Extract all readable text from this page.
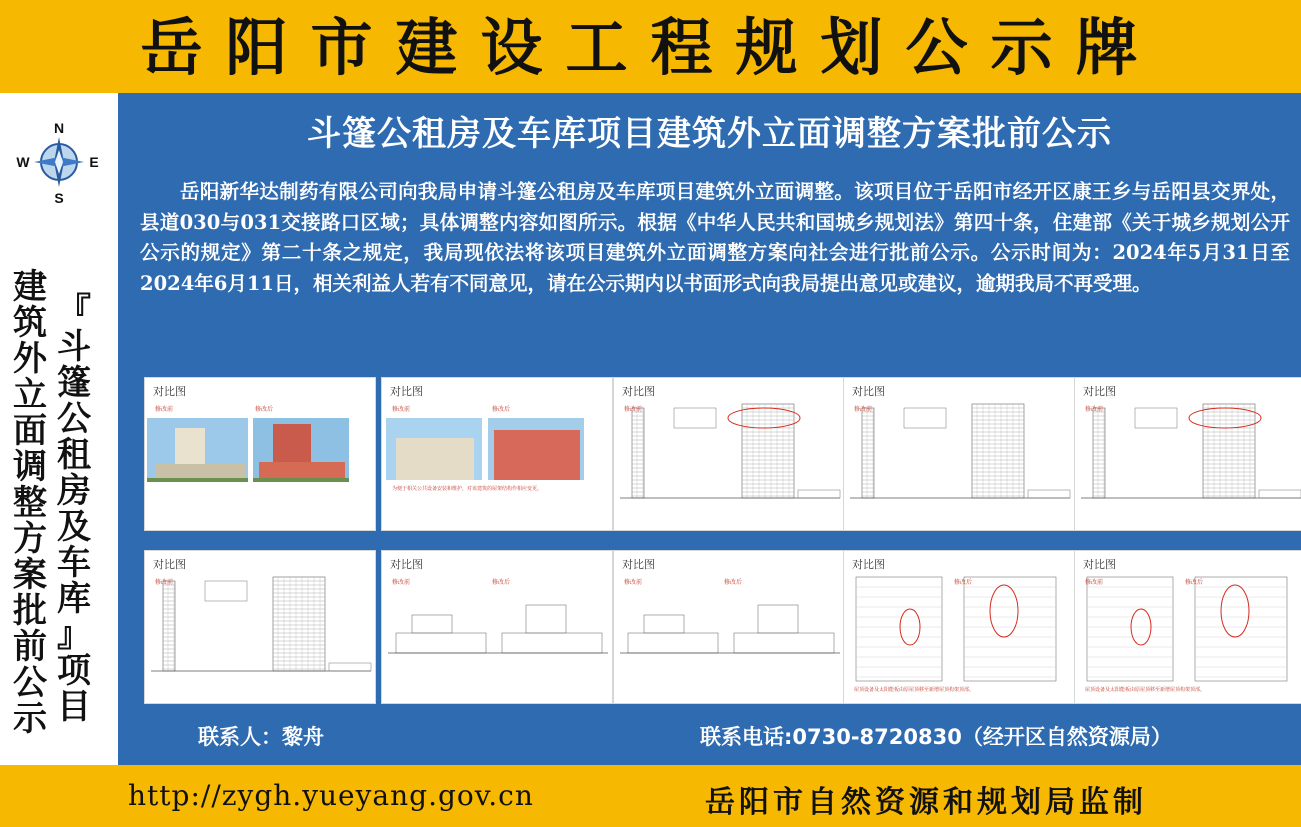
岳阳市建设工程规划公示牌
N
S
W	E
『
斗
篷
公
租
房
及
车
库
』
项
目
建
筑
外
立
面
调
整
方
案
批
前
公
示
斗篷公租房及车库项目建筑外立面调整方案批前公示
岳阳新华达制药有限公司向我局申请斗篷公租房及车库项目建筑外立面调整。该项目位于岳阳市经开区康王乡与岳阳县交界处，县道030与031交接路口区域；具体调整内容如图所示。根据《中华人民共和国城乡规划法》第四十条，住建部《关于城乡规划公开公示的规定》第二十条之规定，我局现依法将该项目建筑外立面调整方案向社会进行批前公示。公示时间为：2024年5月31日至2024年6月11日，相关利益人若有不同意见，请在公示期内以书面形式向我局提出意见或建议，逾期我局不再受理。
对比图
修改前	修改后
对比图
修改前	修改后
为便于相关公共设备安装和维护，对该建筑的屋架结构作相应变更。
对比图
修改前
对比图
修改前
对比图
修改前
对比图
修改前
对比图
修改前	修改后
对比图
修改前	修改后
对比图
修改后
屋顶设备及太阳能板由原屋顶移至新增屋顶构架顶部。
对比图
修改前	修改后
屋顶设备及太阳能板由原屋顶移至新增屋顶构架顶部。
联系人：黎舟	联系电话:0730-8720830（经开区自然资源局）
http://zygh.yueyang.gov.cn	岳阳市自然资源和规划局监制
